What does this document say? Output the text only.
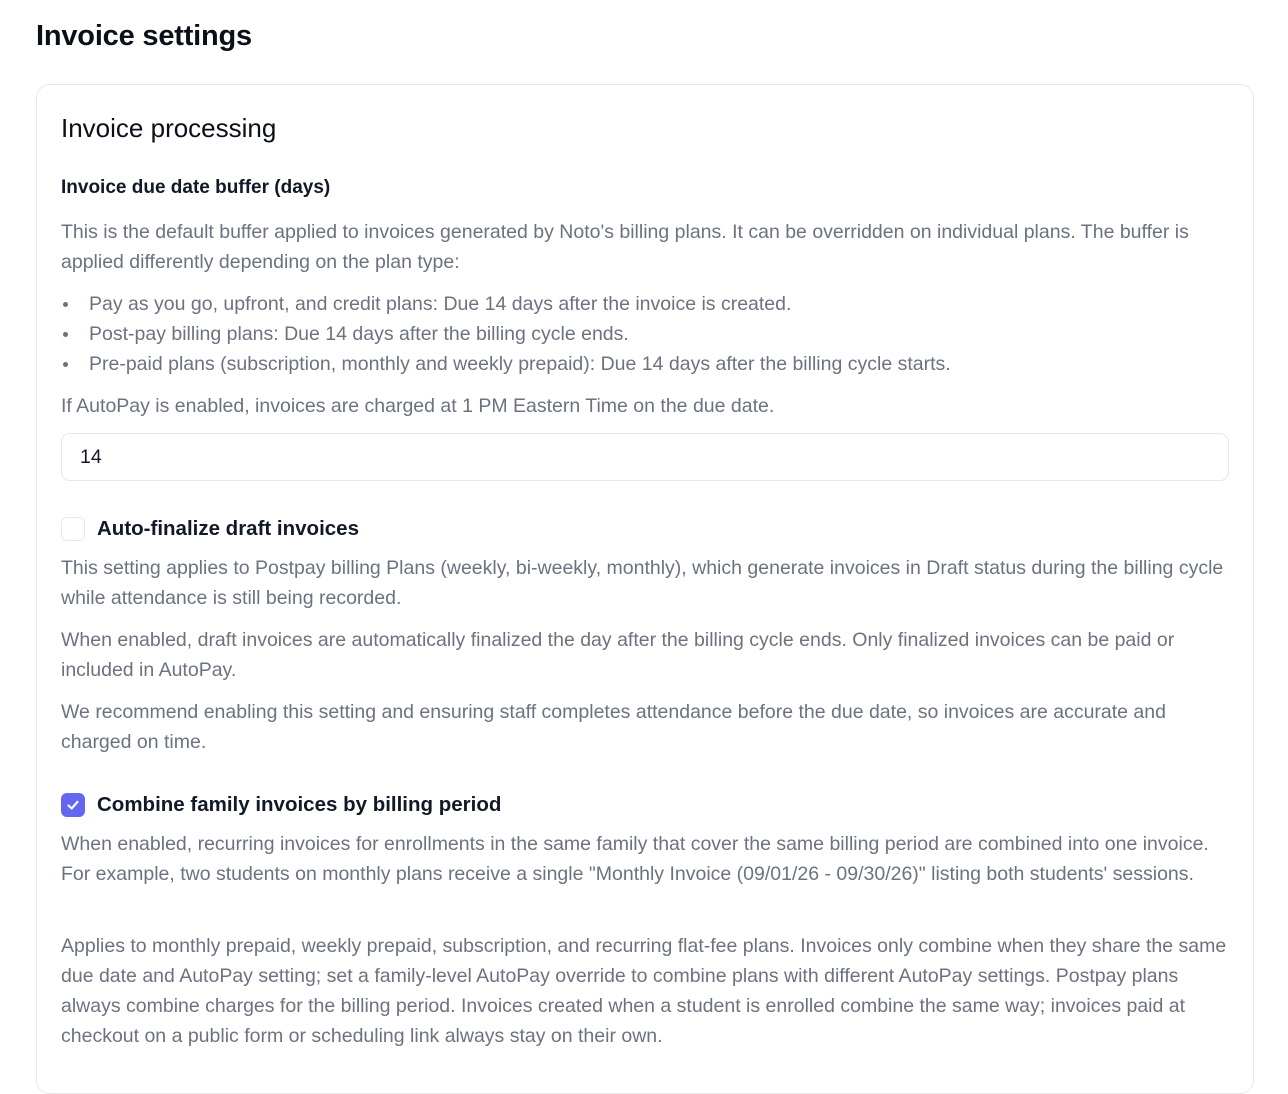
Invoice settings
Invoice processing
Invoice due date buffer (days)

This is the default buffer applied to invoices generated by Noto's billing plans. It can be overridden on individual plans. The buffer is applied differently depending on the plan type:

Pay as you go, upfront, and credit plans: Due 14 days after the invoice is created.
Post-pay billing plans: Due 14 days after the billing cycle ends.
Pre-paid plans (subscription, monthly and weekly prepaid): Due 14 days after the billing cycle starts.

If AutoPay is enabled, invoices are charged at 1 PM Eastern Time on the due date.

14
Auto-finalize draft invoices

This setting applies to Postpay billing Plans (weekly, bi-weekly, monthly), which generate invoices in Draft status during the billing cycle while attendance is still being recorded.

When enabled, draft invoices are automatically finalized the day after the billing cycle ends. Only finalized invoices can be paid or included in AutoPay.

We recommend enabling this setting and ensuring staff completes attendance before the due date, so invoices are accurate and charged on time.

Combine family invoices by billing period

When enabled, recurring invoices for enrollments in the same family that cover the same billing period are combined into one invoice. For example, two students on monthly plans receive a single "Monthly Invoice (09/01/26 - 09/30/26)" listing both students' sessions.

Applies to monthly prepaid, weekly prepaid, subscription, and recurring flat-fee plans. Invoices only combine when they share the same due date and AutoPay setting; set a family-level AutoPay override to combine plans with different AutoPay settings. Postpay plans always combine charges for the billing period. Invoices created when a student is enrolled combine the same way; invoices paid at checkout on a public form or scheduling link always stay on their own.
